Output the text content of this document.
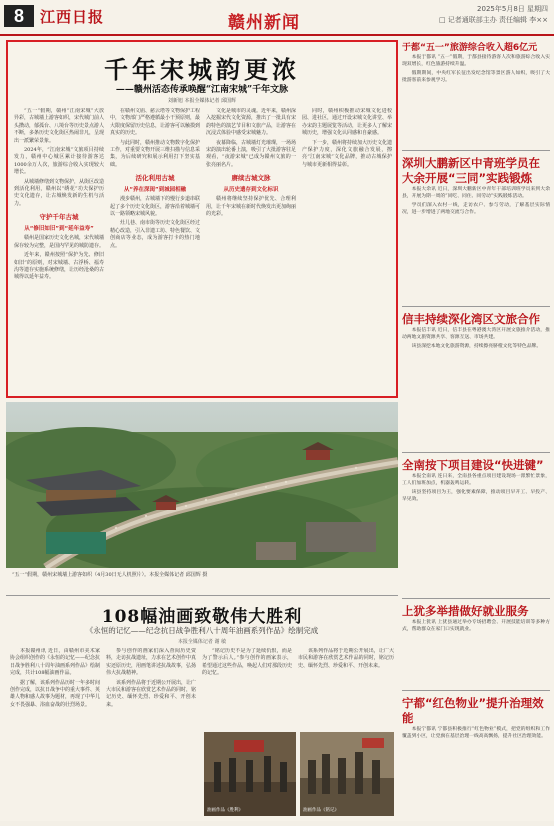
8	江西日报	赣州新闻
2025年5月8日 星期四
□ 记者通联部主办 责任编辑 李××
千年宋城韵更浓
——赣州活态传承唤醒“江南宋城”千年文脉
刘新旭 本报全媒体记者 邱国辉

“五一”假期，赣州“江南宋城”大放异彩，古城墙上游客如织，宋代城门前人头攒动，郁孤台、八境台等历史景点游人不断，多条历史文化街区热闹非凡，呈现出一派繁荣景象。

2024年，“江南宋城”文旅项目持续发力，赣州中心城区累计接待游客达1000余万人次，旅游综合收入实现较大增长。

从城墙修缮到文物保护，从街区改造到活化利用，赣州以“绣花”功夫保护历史文化遗存，让古城焕发新的生机与活力。

守护千年古城
从“修旧如旧”到“延年益寿”

赣州是国家历史文化名城，宋代城墙保存较为完整，是国内罕见的城防遗存。

近年来，赣州按照“保护为先、修旧如旧”的原则，对宋城墙、古浮桥、福寿沟等遗存实施系统修缮，让历经沧桑的古城得以延年益寿。

在赣州文庙、慈云塔等文物保护工程中，文物部门严格遵循最小干预原则，最大限度保留历史信息，让游客可以触摸到真实的历史。

与此同时，赣州推动文物数字化保护工作，对重要文物开展三维扫描与信息采集，为后续研究和展示利用打下坚实基础。

活化利用古城
从“养在深闺”到城园相融

漫步赣州，古城墙下的慢行步道串联起了多个历史文化街区，游客沿着城墙可以一路领略宋城风貌。

灶儿巷、南市街等历史文化街区经过精心改造，引入非遗工坊、特色餐饮、文创商店等业态，成为游客打卡的热门地点。

文化是城市的灵魂。近年来，赣州深入挖掘宋代文化资源，推出了一批具有宋韵特色的演艺节目和文旅产品，让游客在沉浸式体验中感受宋城魅力。

夜幕降临，古城墙灯光璀璨，一场场宋韵演出轮番上演，吸引了大批游客驻足观看，“夜游宋城”已成为赣州文旅的一张亮丽名片。

赓续古城文脉
从历史遗存到文化标识

赣州将继续坚持保护优先、合理利用，让千年宋城在新时代焕发出更加绚丽的光彩。

同时，赣州积极推动宋城文化进校园、进社区，通过开设宋城文化讲堂、举办宋韵主题展览等活动，让更多人了解宋城历史，增强文化认同感和自豪感。

下一步，赣州将持续加大历史文化遗产保护力度，深化文旅融合发展，擦亮“江南宋城”文化品牌，推动古城保护与城市更新相得益彰。

“五一”假期，赣州宋城墙上游客如织（4月30日无人机照片）。本报全媒体记者 邱国辉 摄
108幅油画致敬伟大胜利
《永恒的记忆——纪念抗日战争胜利八十周年油画系列作品》绘制完成
本报全媒体记者 谢 敏

本报赣州讯 近日，由赣州市美术家协会组织创作的《永恒的记忆——纪念抗日战争胜利八十周年油画系列作品》绘制完成，共计108幅油画作品。

据了解，该系列作品历时一年多时间创作完成，以抗日战争中的重大事件、英雄人物和感人故事为题材，再现了中华儿女不畏强暴、浴血奋战的壮烈场景。

参与创作的画家们深入查阅历史资料，走访抗战遗址，力求在艺术创作中真实还原历史，用画笔讲述抗战故事，弘扬伟大抗战精神。

该系列作品将于近期公开展出，让广大市民和游客在欣赏艺术作品的同时，铭记历史、缅怀先烈、珍爱和平、开创未来。

“铭记历史不是为了延续仇恨，而是为了警示后人。”参与创作的画家表示，希望通过这些作品，唤起人们对那段历史的记忆。

该系列作品将于近期公开展出，让广大市民和游客在欣赏艺术作品的同时，铭记历史、缅怀先烈、珍爱和平、开创未来。

油画作品《胜利》	油画作品《铭记》
于都“五一”旅游综合收入超6亿元

本报于都讯 “五一”假期，于都县接待游客人次和旅游综合收入实现双增长，红色旅游持续升温。

假期期间，中央红军长征出发纪念馆等景区游人如织，吸引了大批游客前来参观学习。

深圳大鹏新区中青班学员在大余开展“三同”实践锻炼

本报大余讯 近日，深圳大鹏新区中青年干部培训班学员来到大余县，开展为期一周的“同吃、同住、同劳动”实践锻炼活动。

学员们深入农村一线，走访农户、参与劳动，了解基层实际情况，进一步增进了两地交流与合作。

信丰持续深化湾区文旅合作

本报信丰讯 近日，信丰县在粤港澳大湾区开展文旅推介活动，推动两地文旅资源共享、客源互送、市场共建。

该县深挖本地文化旅游资源，持续擦亮脐橙文化等特色品牌。

全南按下项目建设“快进键”

本报全南讯 连日来，全南县各重点项目建设现场一派繁忙景象，工人们加班加点，机器轰鸣运转。

该县坚持项目为王，强化要素保障，推动项目早开工、早投产、早见效。

上犹多举措做好就业服务

本报上犹讯 上犹县通过举办专场招聘会、开展技能培训等多种方式，帮助群众在家门口实现就业。

宁都“红色物业”提升治理效能

本报宁都讯 宁都县积极推行“红色物业”模式，把党的组织和工作覆盖到小区，让党旗在基层治理一线高高飘扬，提升社区治理效能。
